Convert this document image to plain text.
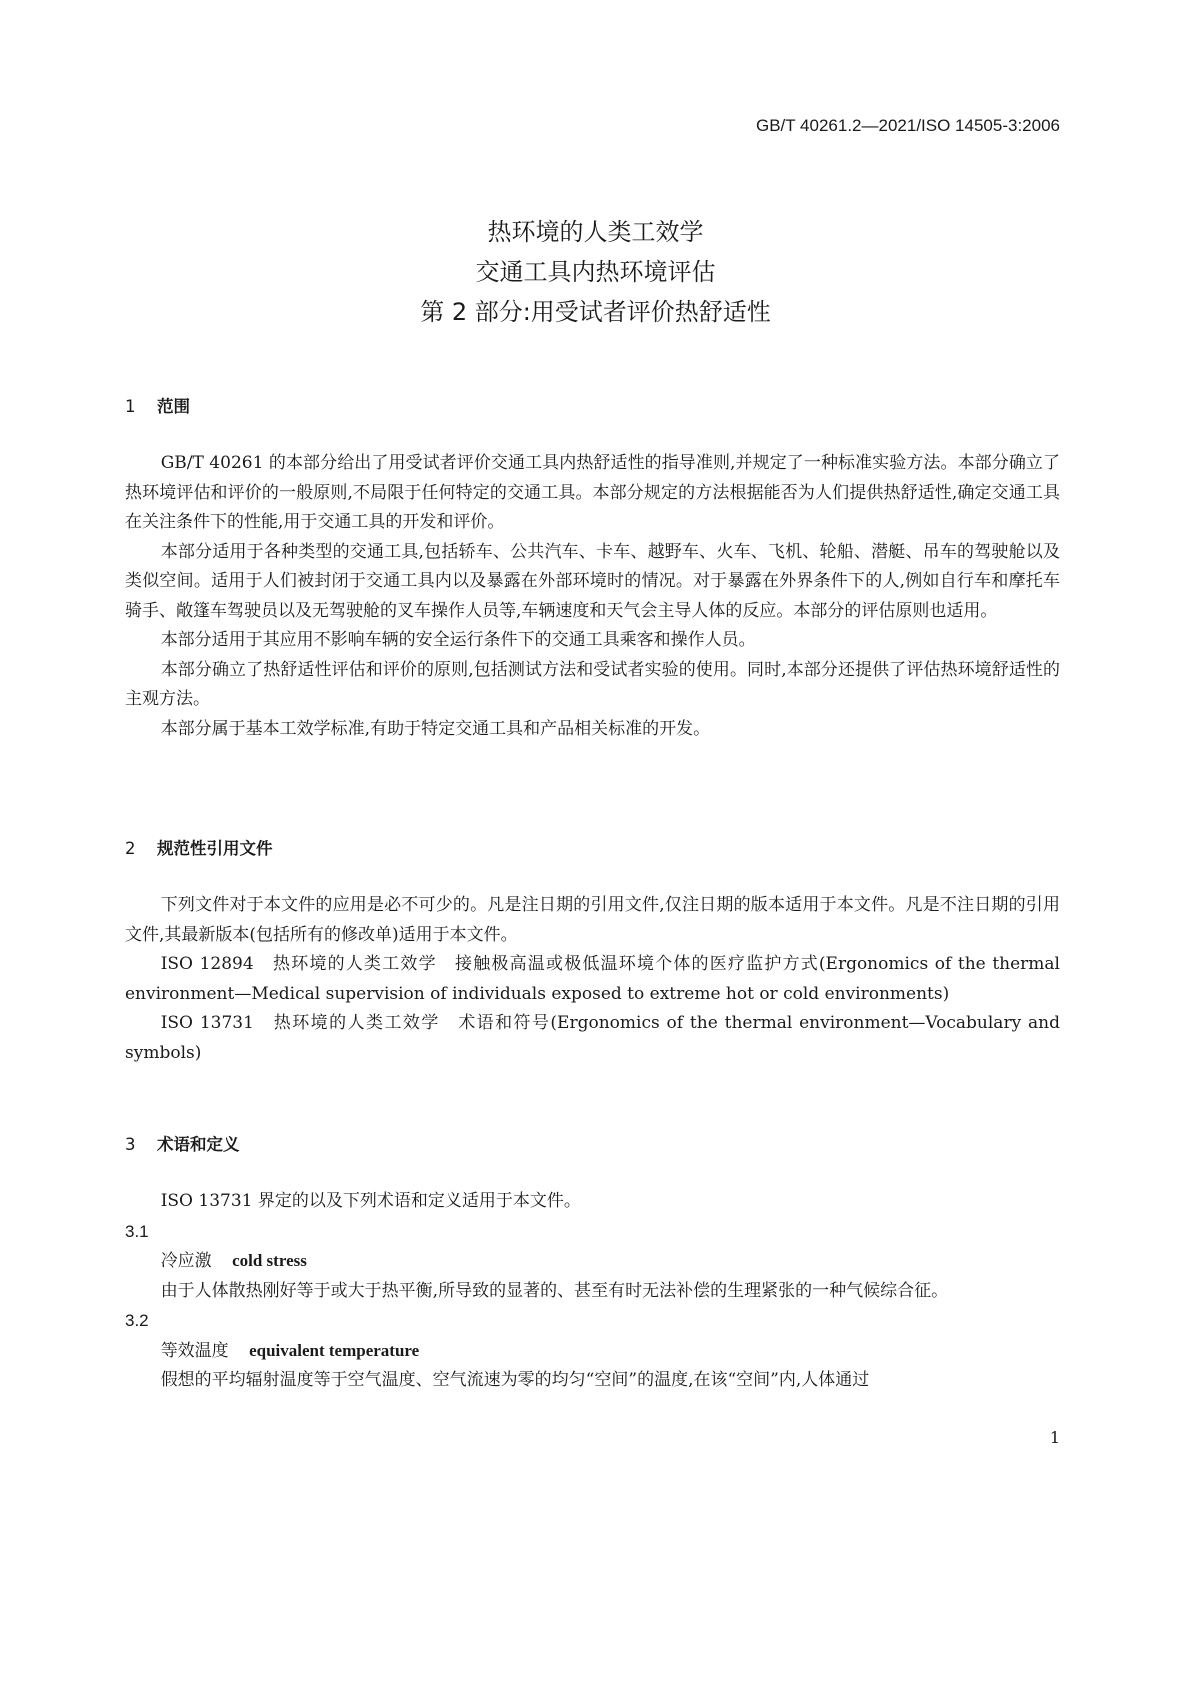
GB/T 40261.2—2021/ISO 14505-3:2006
热环境的人类工效学
交通工具内热环境评估
第 2 部分:用受试者评价热舒适性
1 范围

GB/T 40261 的本部分给出了用受试者评价交通工具内热舒适性的指导准则,并规定了一种标准实验方法。本部分确立了热环境评估和评价的一般原则,不局限于任何特定的交通工具。本部分规定的方法根据能否为人们提供热舒适性,确定交通工具在关注条件下的性能,用于交通工具的开发和评价。

本部分适用于各种类型的交通工具,包括轿车、公共汽车、卡车、越野车、火车、飞机、轮船、潜艇、吊车的驾驶舱以及类似空间。适用于人们被封闭于交通工具内以及暴露在外部环境时的情况。对于暴露在外界条件下的人,例如自行车和摩托车骑手、敞篷车驾驶员以及无驾驶舱的叉车操作人员等,车辆速度和天气会主导人体的反应。本部分的评估原则也适用。

本部分适用于其应用不影响车辆的安全运行条件下的交通工具乘客和操作人员。

本部分确立了热舒适性评估和评价的原则,包括测试方法和受试者实验的使用。同时,本部分还提供了评估热环境舒适性的主观方法。

本部分属于基本工效学标准,有助于特定交通工具和产品相关标准的开发。

2 规范性引用文件

下列文件对于本文件的应用是必不可少的。凡是注日期的引用文件,仅注日期的版本适用于本文件。凡是不注日期的引用文件,其最新版本(包括所有的修改单)适用于本文件。

ISO 12894　热环境的人类工效学　接触极高温或极低温环境个体的医疗监护方式(Ergonomics of the thermal environment—Medical supervision of individuals exposed to extreme hot or cold environments)

ISO 13731　热环境的人类工效学　术语和符号(Ergonomics of the thermal environment—Vocabulary and symbols)

3 术语和定义

ISO 13731 界定的以及下列术语和定义适用于本文件。

3.1
冷应激 cold stress

由于人体散热刚好等于或大于热平衡,所导致的显著的、甚至有时无法补偿的生理紧张的一种气候综合征。

3.2
等效温度 equivalent temperature

假想的平均辐射温度等于空气温度、空气流速为零的均匀“空间”的温度,在该“空间”内,人体通过

1
